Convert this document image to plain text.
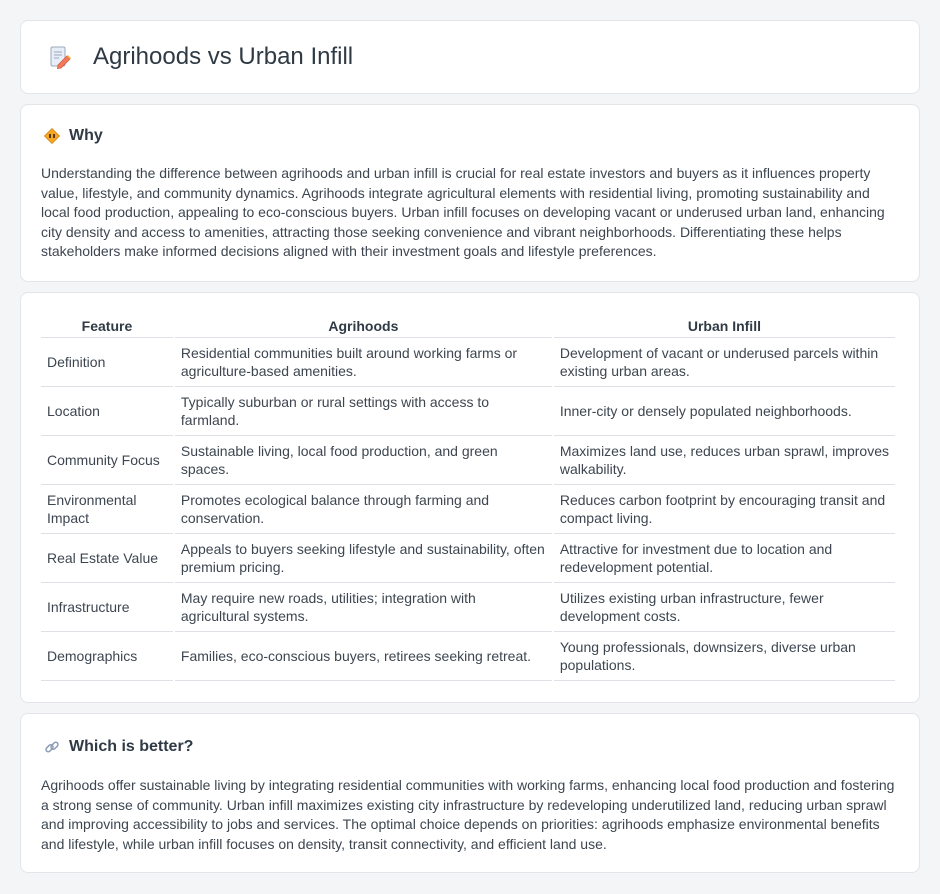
Agrihoods vs Urban Infill
Why

Understanding the difference between agrihoods and urban infill is crucial for real estate investors and buyers as it influences property value, lifestyle, and community dynamics. Agrihoods integrate agricultural elements with residential living, promoting sustainability and local food production, appealing to eco-conscious buyers. Urban infill focuses on developing vacant or underused urban land, enhancing city density and access to amenities, attracting those seeking convenience and vibrant neighborhoods. Differentiating these helps stakeholders make informed decisions aligned with their investment goals and lifestyle preferences.

Feature	Agrihoods	Urban Infill
Definition	Residential communities built around working farms or agriculture-based amenities.	Development of vacant or underused parcels within existing urban areas.
Location	Typically suburban or rural settings with access to farmland.	Inner-city or densely populated neighborhoods.
Community Focus	Sustainable living, local food production, and green spaces.	Maximizes land use, reduces urban sprawl, improves walkability.
Environmental Impact	Promotes ecological balance through farming and conservation.	Reduces carbon footprint by encouraging transit and compact living.
Real Estate Value	Appeals to buyers seeking lifestyle and sustainability, often premium pricing.	Attractive for investment due to location and redevelopment potential.
Infrastructure	May require new roads, utilities; integration with agricultural systems.	Utilizes existing urban infrastructure, fewer development costs.
Demographics	Families, eco-conscious buyers, retirees seeking retreat.	Young professionals, downsizers, diverse urban populations.
Which is better?

Agrihoods offer sustainable living by integrating residential communities with working farms, enhancing local food production and fostering a strong sense of community. Urban infill maximizes existing city infrastructure by redeveloping underutilized land, reducing urban sprawl and improving accessibility to jobs and services. The optimal choice depends on priorities: agrihoods emphasize environmental benefits and lifestyle, while urban infill focuses on density, transit connectivity, and efficient land use.
